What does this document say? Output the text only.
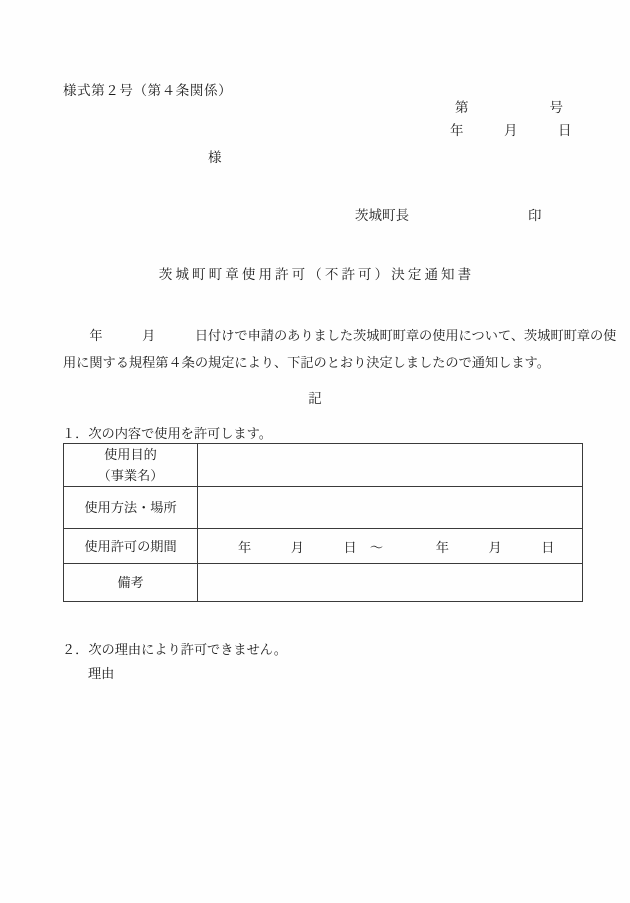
様式第２号（第４条関係）
第　　　　　　号
年　　　月　　　日
様
茨城町長	印
茨城町町章使用許可（不許可）決定通知書
　　年　　　月　　　日付けで申請のありました茨城町町章の使用について、茨城町町章の使
用に関する規程第４条の規定により、下記のとおり決定しましたので通知します。
記
１．次の内容で使用を許可します。
使用目的
（事業名）	

使用方法・場所	
使用許可の期間	年　　　月　　　日　～　　　　年　　　月　　　日
備考	
２．次の理由により許可できません。
理由
